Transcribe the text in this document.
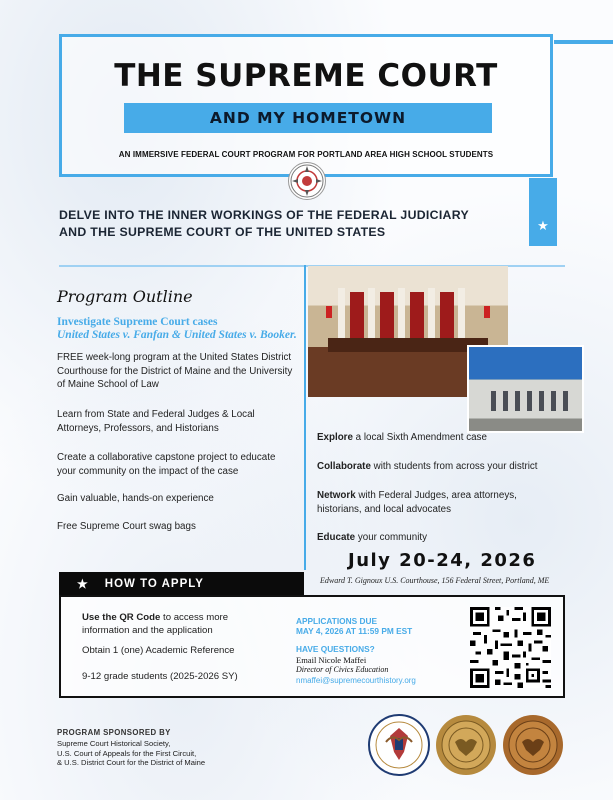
THE SUPREME COURT
AND MY HOMETOWN
AN IMMERSIVE FEDERAL COURT PROGRAM FOR PORTLAND AREA HIGH SCHOOL STUDENTS
★
DELVE INTO THE INNER WORKINGS OF THE FEDERAL JUDICIARY
AND THE SUPREME COURT OF THE UNITED STATES
Program Outline
Investigate Supreme Court cases
United States v. Fanfan & United States v. Booker.

FREE week-long program at the United States District Courthouse for the District of Maine and the University of Maine School of Law

Learn from State and Federal Judges & Local Attorneys, Professors, and Historians

Create a collaborative capstone project to educate your community on the impact of the case

Gain valuable, hands-on experience

Free Supreme Court swag bags

Explore a local Sixth Amendment case

Collaborate with students from across your district

Network with Federal Judges, area attorneys, historians, and local advocates

Educate your community

July 20-24, 2026
Edward T. Gignoux U.S. Courthouse, 156 Federal Street, Portland, ME
★ HOW TO APPLY

Use the QR Code to access more information and the application

Obtain 1 (one) Academic Reference

9-12 grade students (2025-2026 SY)

APPLICATIONS DUE
MAY 4, 2026 AT 11:59 PM EST
HAVE QUESTIONS?
Email Nicole Maffei
Director of Civics Education
nmaffei@supremecourthistory.org
PROGRAM SPONSORED BY
Supreme Court Historical Society,
U.S. Court of Appeals for the First Circuit,
& U.S. District Court for the District of Maine
